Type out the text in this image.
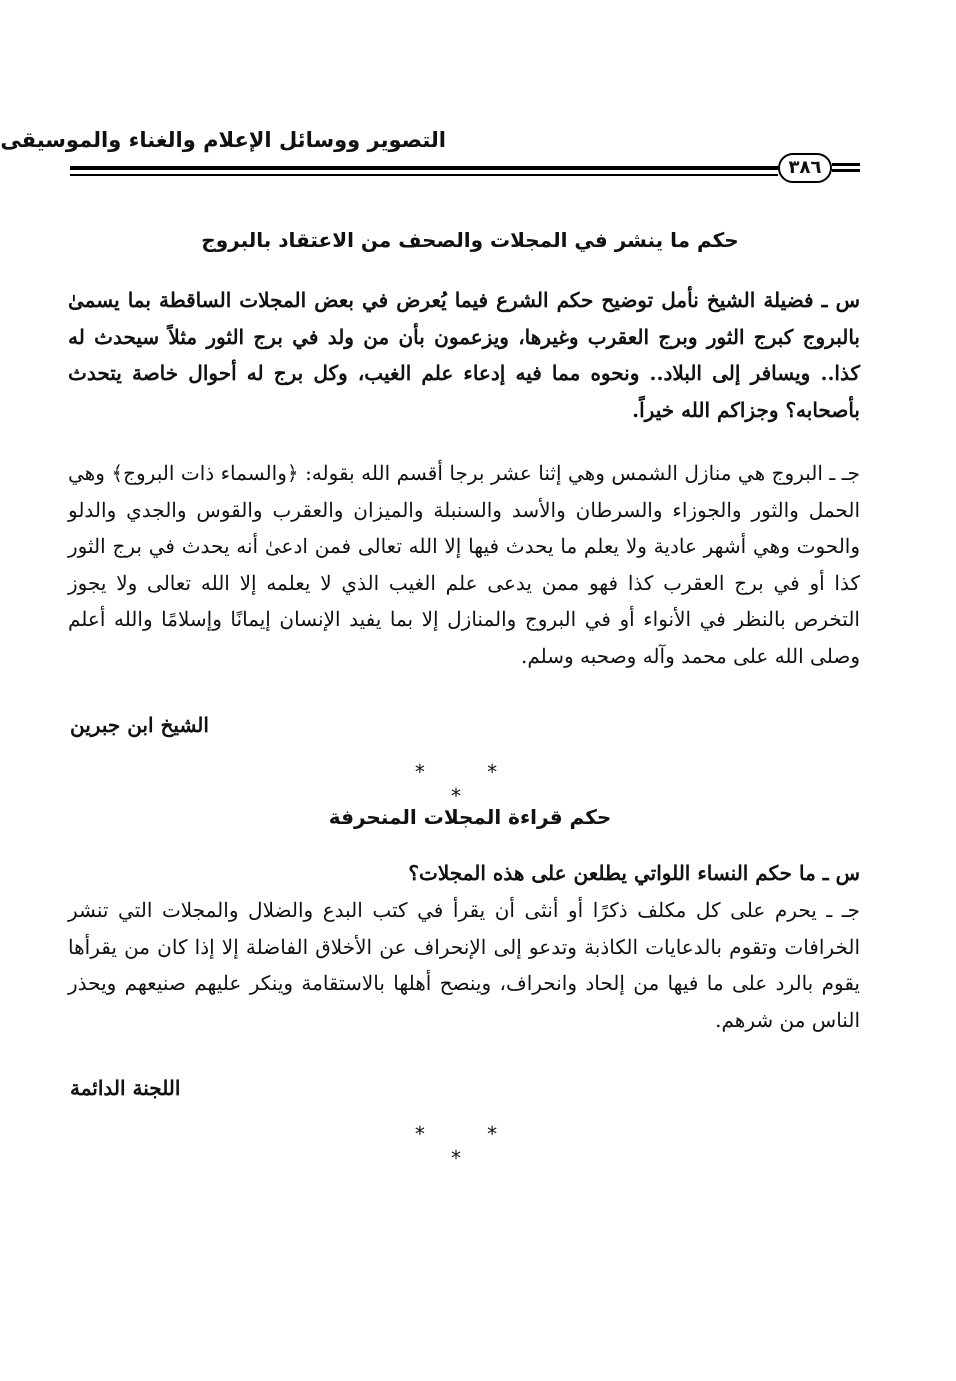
التصوير ووسائل الإعلام والغناء والموسيقى
٣٨٦
حكم ما ينشر في المجلات والصحف من الاعتقاد بالبروج
س ـ فضيلة الشيخ نأمل توضيح حكم الشرع فيما يُعرض في بعض المجلات الساقطة بما يسمىٰ بالبروج كبرج الثور وبرج العقرب وغيرها، ويزعمون بأن من ولد في برج الثور مثلاً سيحدث له كذا.. ويسافر إلى البلاد.. ونحوه مما فيه إدعاء علم الغيب، وكل برج له أحوال خاصة يتحدث بأصحابه؟ وجزاكم الله خيراً.
جـ ـ البروج هي منازل الشمس وهي إثنا عشر برجا أقسم الله بقوله: ﴿والسماء ذات البروج﴾ وهي الحمل والثور والجوزاء والسرطان والأسد والسنبلة والميزان والعقرب والقوس والجدي والدلو والحوت وهي أشهر عادية ولا يعلم ما يحدث فيها إلا الله تعالى فمن ادعىٰ أنه يحدث في برج الثور كذا أو في برج العقرب كذا فهو ممن يدعى علم الغيب الذي لا يعلمه إلا الله تعالى ولا يجوز التخرص بالنظر في الأنواء أو في البروج والمنازل إلا بما يفيد الإنسان إيمانًا وإسلامًا والله أعلم وصلى الله على محمد وآله وصحبه وسلم.
الشيخ ابن جبرين
* * *
حكم قراءة المجلات المنحرفة
س ـ ما حكم النساء اللواتي يطلعن على هذه المجلات؟
جـ ـ يحرم على كل مكلف ذكرًا أو أنثى أن يقرأ في كتب البدع والضلال والمجلات التي تنشر الخرافات وتقوم بالدعايات الكاذبة وتدعو إلى الإنحراف عن الأخلاق الفاضلة إلا إذا كان من يقرأها يقوم بالرد على ما فيها من إلحاد وانحراف، وينصح أهلها بالاستقامة وينكر عليهم صنيعهم ويحذر الناس من شرهم.
اللجنة الدائمة
* * *
